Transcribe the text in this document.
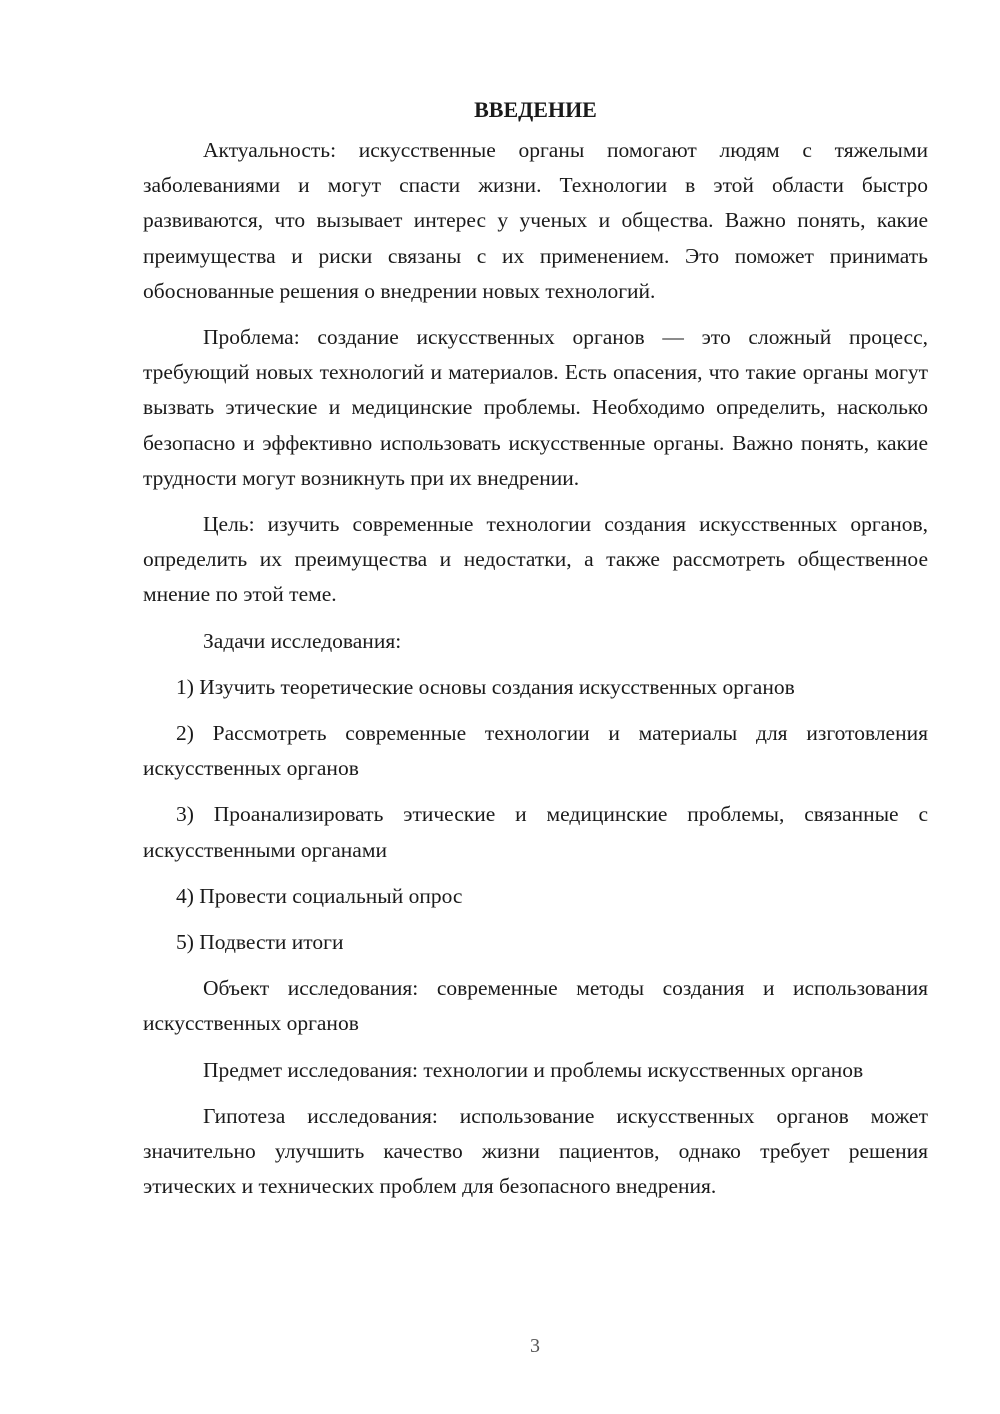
ВВЕДЕНИЕ

Актуальность: искусственные органы помогают людям с тяжелыми заболеваниями и могут спасти жизни. Технологии в этой области быстро развиваются, что вызывает интерес у ученых и общества. Важно понять, какие преимущества и риски связаны с их применением. Это поможет принимать обоснованные решения о внедрении новых технологий.

Проблема: создание искусственных органов — это сложный процесс, требующий новых технологий и материалов. Есть опасения, что такие органы могут вызвать этические и медицинские проблемы. Необходимо определить, насколько безопасно и эффективно использовать искусственные органы. Важно понять, какие трудности могут возникнуть при их внедрении.

Цель: изучить современные технологии создания искусственных органов, определить их преимущества и недостатки, а также рассмотреть общественное мнение по этой теме.

Задачи исследования:

1) Изучить теоретические основы создания искусственных органов

2) Рассмотреть современные технологии и материалы для изготовления искусственных органов

3) Проанализировать этические и медицинские проблемы, связанные с искусственными органами

4) Провести социальный опрос

5) Подвести итоги

Объект исследования: современные методы создания и использования искусственных органов

Предмет исследования: технологии и проблемы искусственных органов

Гипотеза исследования: использование искусственных органов может значительно улучшить качество жизни пациентов, однако требует решения этических и технических проблем для безопасного внедрения.

3
